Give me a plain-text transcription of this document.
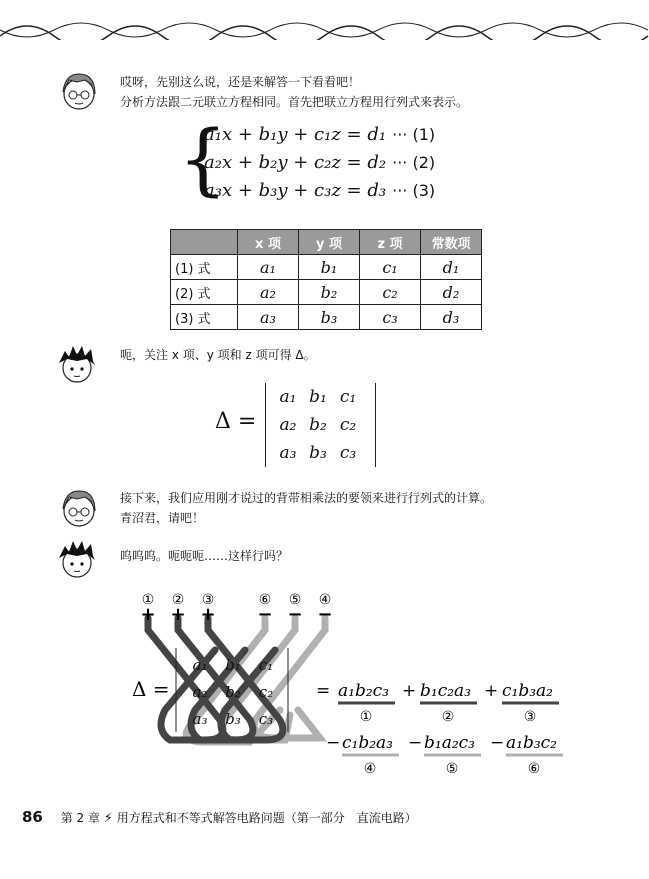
哎呀，先别这么说，还是来解答一下看看吧！
分析方法跟二元联立方程相同。首先把联立方程用行列式来表示。
{
a₁x + b₁y + c₁z = d₁ ··· (1)
a₂x + b₂y + c₂z = d₂ ··· (2)
a₃x + b₃y + c₃z = d₃ ··· (3)
	x 项	y 项	z 项	常数项
(1) 式	a₁	b₁	c₁	d₁
(2) 式	a₂	b₂	c₂	d₂
(3) 式	a₃	b₃	c₃	d₃
呃，关注 x 项、y 项和 z 项可得 Δ。
Δ =
a₁ b₁ c₁
a₂ b₂ c₂
a₃ b₃ c₃
接下来，我们应用刚才说过的背带相乘法的要领来进行行列式的计算。
青沼君，请吧！
呜呜呜。呃呃呃……这样行吗？
① ② ③	⑥ ⑤ ④
+ + + − − −
Δ =
a₁ b₁ c₁
a₂ b₂ c₂
a₃ b₃ c₃
= a₁b₂c₃ + b₁c₂a₃ + c₁b₃a₂
− c₁b₂a₃ − b₁a₂c₃ − a₁b₃c₂
①	②	③
④	⑤	⑥
86 第 2 章 ⚡ 用方程式和不等式解答电路问题（第一部分　直流电路）
